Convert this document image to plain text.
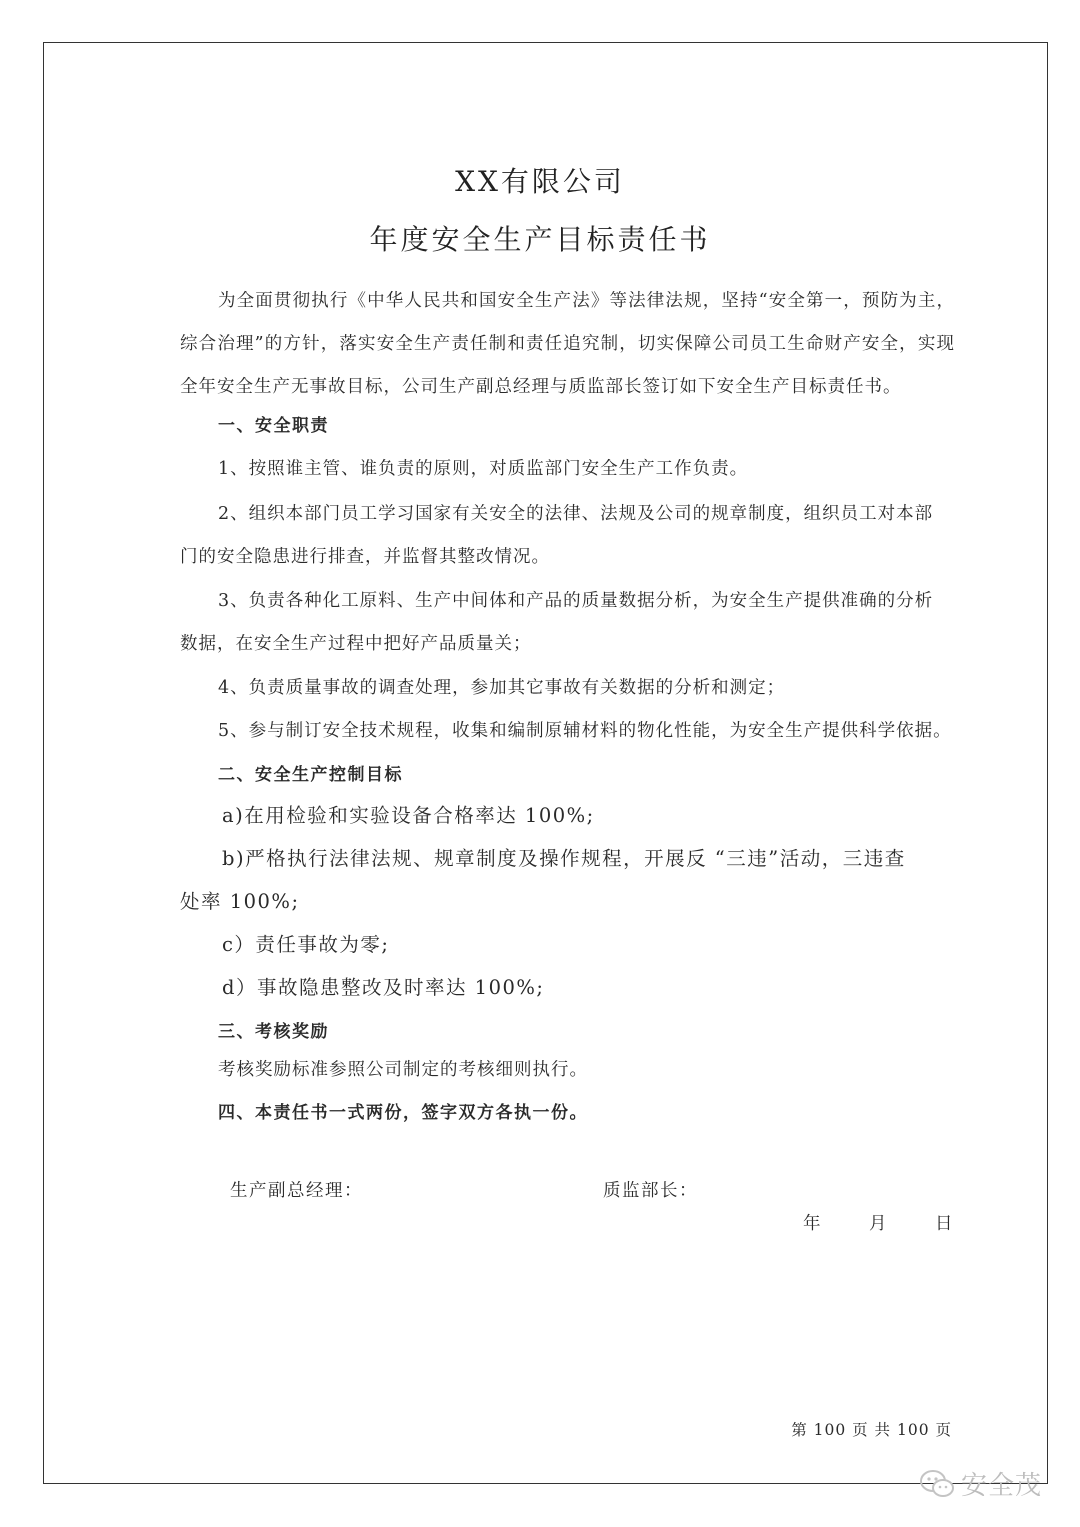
XX有限公司
年度安全生产目标责任书
为全面贯彻执行《中华人民共和国安全生产法》等法律法规，坚持“安全第一，预防为主，综合治理”的方针，落实安全生产责任制和责任追究制，切实保障公司员工生命财产安全，实现全年安全生产无事故目标，公司生产副总经理与质监部长签订如下安全生产目标责任书。
一、安全职责
1、按照谁主管、谁负责的原则，对质监部门安全生产工作负责。
2、组织本部门员工学习国家有关安全的法律、法规及公司的规章制度，组织员工对本部
门的安全隐患进行排查，并监督其整改情况。
3、负责各种化工原料、生产中间体和产品的质量数据分析，为安全生产提供准确的分析
数据，在安全生产过程中把好产品质量关；
4、负责质量事故的调查处理，参加其它事故有关数据的分析和测定；
5、参与制订安全技术规程，收集和编制原辅材料的物化性能，为安全生产提供科学依据。
二、安全生产控制目标
a)在用检验和实验设备合格率达 100%;
b)严格执行法律法规、规章制度及操作规程，开展反 “三违”活动，三违查
处率 100%;
c）责任事故为零;
d）事故隐患整改及时率达 100%;
三、考核奖励
考核奖励标准参照公司制定的考核细则执行。
四、本责任书一式两份，签字双方各执一份。
生产副总经理：	质监部长：
年	月	日
第 100 页 共 100 页
安全茂
